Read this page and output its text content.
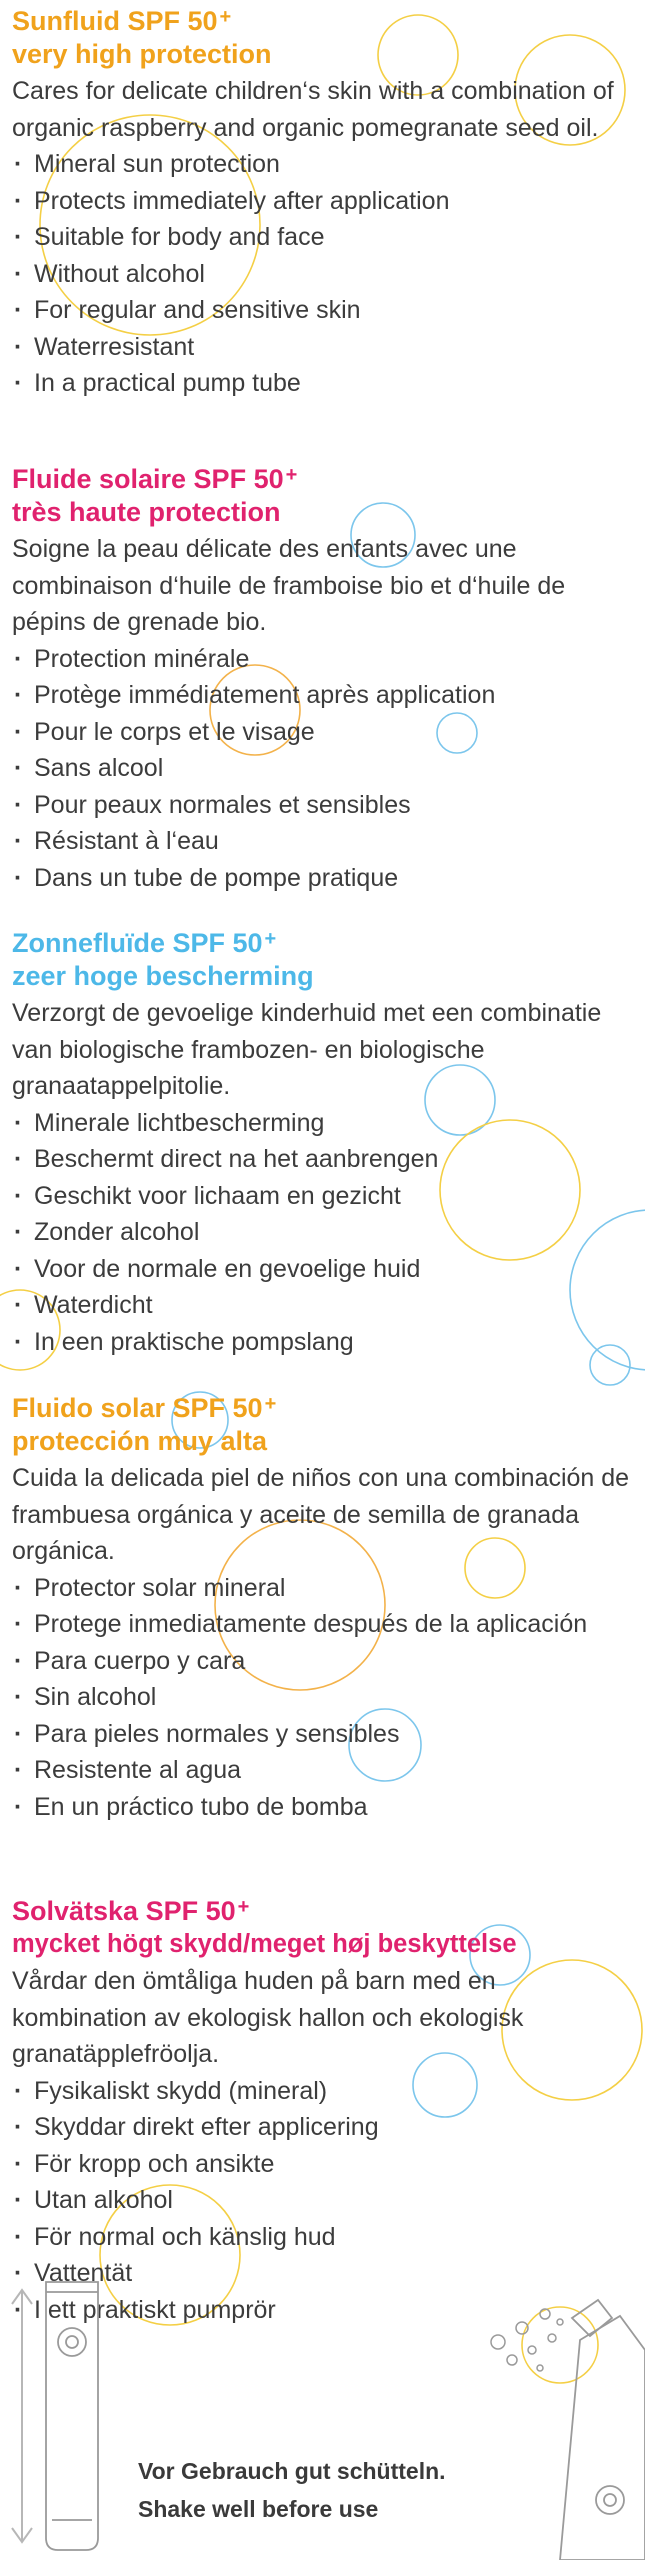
Sunfluid SPF 50 +
very high protection

Cares for delicate children‘s skin with a combination of organic raspberry and organic pomegranate seed oil.

· Mineral sun protection
· Protects immediately after application
· Suitable for body and face
· Without alcohol
· For regular and sensitive skin
· Waterresistant
· In a practical pump tube
Fluide solaire SPF 50 +
très haute protection

Soigne la peau délicate des enfants avec une combinaison d‘huile de framboise bio et d‘huile de pépins de grenade bio.

· Protection minérale
· Protège immédiatement après application
· Pour le corps et le visage
· Sans alcool
· Pour peaux normales et sensibles
· Résistant à l‘eau
· Dans un tube de pompe pratique
Zonnefluïde SPF 50 +
zeer hoge bescherming

Verzorgt de gevoelige kinderhuid met een combinatie van biologische frambozen- en biologische granaatappelpitolie.

· Minerale lichtbescherming
· Beschermt direct na het aanbrengen
· Geschikt voor lichaam en gezicht
· Zonder alcohol
· Voor de normale en gevoelige huid
· Waterdicht
· In een praktische pompslang
Fluido solar SPF 50 +
protección muy alta

Cuida la delicada piel de niños con una combinación de frambuesa orgánica y aceite de semilla de granada orgánica.

· Protector solar mineral
· Protege inmediatamente después de la aplicación
· Para cuerpo y cara
· Sin alcohol
· Para pieles normales y sensibles
· Resistente al agua
· En un práctico tubo de bomba
Solvätska SPF 50 +
mycket högt skydd/meget høj beskyttelse

Vårdar den ömtåliga huden på barn med en kombination av ekologisk hallon och ekologisk granatäpplefröolja.

· Fysikaliskt skydd (mineral)
· Skyddar direkt efter applicering
· För kropp och ansikte
· Utan alkohol
· För normal och känslig hud
· Vattentät
· I ett praktiskt pumprör
Vor Gebrauch gut schütteln.
Shake well before use
